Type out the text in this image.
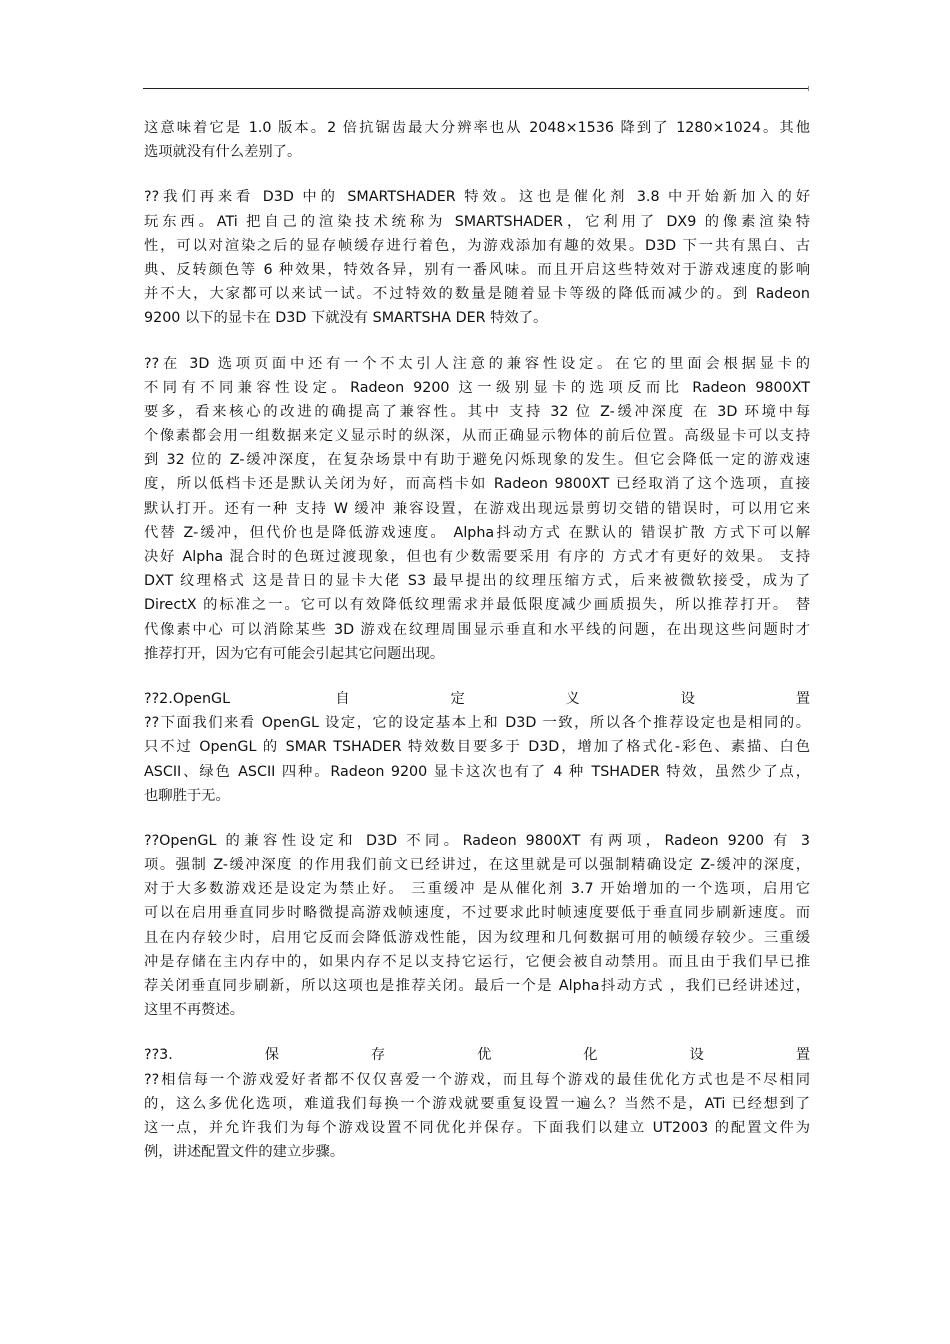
这意味着它是 1.0 版本。2 倍抗锯齿最大分辨率也从 2048×1536 降到了 1280×1024。其他
选项就没有什么差别了。
??我们再来看 D3D 中的 SMARTSHADER 特效。这也是催化剂 3.8 中开始新加入的好
玩东西。ATi 把自己的渲染技术统称为 SMARTSHADER，它利用了 DX9 的像素渲染特
性，可以对渲染之后的显存帧缓存进行着色，为游戏添加有趣的效果。D3D 下一共有黑白、古
典、反转颜色等 6 种效果，特效各异，别有一番风味。而且开启这些特效对于游戏速度的影响
并不大，大家都可以来试一试。不过特效的数量是随着显卡等级的降低而减少的。到 Radeon
9200 以下的显卡在 D3D 下就没有 SMARTSHA DER 特效了。
??在 3D 选项页面中还有一个不太引人注意的兼容性设定。在它的里面会根据显卡的
不同有不同兼容性设定。Radeon 9200 这一级别显卡的选项反而比 Radeon 9800XT
要多，看来核心的改进的确提高了兼容性。其中 支持 32 位 Z-缓冲深度 在 3D 环境中每
个像素都会用一组数据来定义显示时的纵深，从而正确显示物体的前后位置。高级显卡可以支持
到 32 位的 Z-缓冲深度，在复杂场景中有助于避免闪烁现象的发生。但它会降低一定的游戏速
度，所以低档卡还是默认关闭为好，而高档卡如 Radeon 9800XT 已经取消了这个选项，直接
默认打开。还有一种 支持 W 缓冲 兼容设置，在游戏出现远景剪切交错的错误时，可以用它来
代替 Z-缓冲，但代价也是降低游戏速度。 Alpha抖动方式 在默认的 错误扩散 方式下可以解
决好 Alpha 混合时的色斑过渡现象，但也有少数需要采用 有序的 方式才有更好的效果。 支持
DXT 纹理格式 这是昔日的显卡大佬 S3 最早提出的纹理压缩方式，后来被微软接受，成为了
DirectX 的标准之一。它可以有效降低纹理需求并最低限度减少画质损失，所以推荐打开。 替
代像素中心 可以消除某些 3D 游戏在纹理周围显示垂直和水平线的问题，在出现这些问题时才
推荐打开，因为它有可能会引起其它问题出现。
??2.OpenGL 自定义设置
??下面我们来看 OpenGL 设定，它的设定基本上和 D3D 一致，所以各个推荐设定也是相同的。
只不过 OpenGL 的 SMAR TSHADER 特效数目要多于 D3D，增加了格式化-彩色、素描、白色
ASCII、绿色 ASCII 四种。Radeon 9200 显卡这次也有了 4 种 TSHADER 特效，虽然少了点，
也聊胜于无。
??OpenGL 的兼容性设定和 D3D 不同。Radeon 9800XT 有两项，Radeon 9200 有 3
项。强制 Z-缓冲深度 的作用我们前文已经讲过，在这里就是可以强制精确设定 Z-缓冲的深度，
对于大多数游戏还是设定为禁止好。 三重缓冲 是从催化剂 3.7 开始增加的一个选项，启用它
可以在启用垂直同步时略微提高游戏帧速度，不过要求此时帧速度要低于垂直同步刷新速度。而
且在内存较少时，启用它反而会降低游戏性能，因为纹理和几何数据可用的帧缓存较少。三重缓
冲是存储在主内存中的，如果内存不足以支持它运行，它便会被自动禁用。而且由于我们早已推
荐关闭垂直同步刷新，所以这项也是推荐关闭。最后一个是 Alpha抖动方式 ，我们已经讲述过，
这里不再赘述。
??3.保存优化设置
??相信每一个游戏爱好者都不仅仅喜爱一个游戏，而且每个游戏的最佳优化方式也是不尽相同
的，这么多优化选项，难道我们每换一个游戏就要重复设置一遍么？当然不是，ATi 已经想到了
这一点，并允许我们为每个游戏设置不同优化并保存。下面我们以建立 UT2003 的配置文件为
例，讲述配置文件的建立步骤。
